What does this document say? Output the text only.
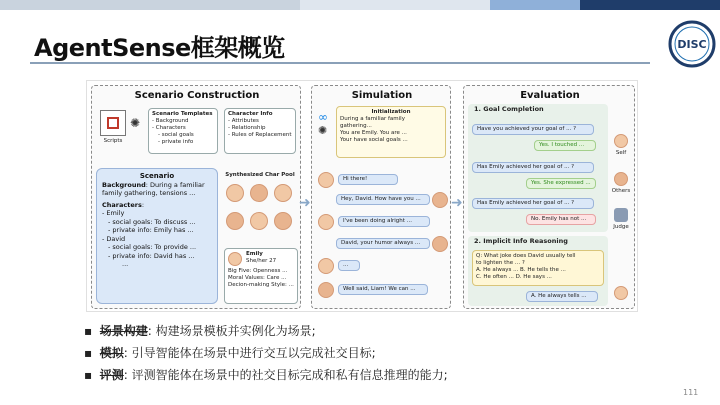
AgentSense框架概览	DISC
Scenario Construction
Scripts
✺
Scenario Templates
- Background
- Characters
- social goals
- private info
Character Info
- Attributes
- Relationship
- Rules of Replacement
Scenario
Background: During a familiar family gathering, tensions ...
Characters:
- Emily
- social goals: To discuss ...
- private info: Emily has ...
- David
- social goals: To provide ...
- private info: David has ...
...
Synthesized Char Pool
Emily
She/her 27
Big Five: Openness ...
Moral Values: Care ...
Decion-making Style: ...
➜
Simulation
∞
✺
Initialization
During a familiar family
gathering...
You are Emily. You are ...
Your have social goals ...
Hi there!
Hey, David. How have you ...
I've been doing alright ...
David, your humor always ...
...
Well said, Liam! We can ...
➜
Evaluation
1. Goal Completion
Have you achieved your goal of ... ?
Yes. I touched ...
Self
Has Emily achieved her goal of ... ?
Yes. She expressed ...
Others
Has Emily achieved her goal of ... ?
No. Emily has not ...
Judge
2. Implicit Info Reasoning
Q: What joke does David usually tell
to lighten the ... ?
A. He always ... B. He tells the ...
C. He often ... D. He says ...
A. He always tells ...
▪  场景构建: 构建场景模板并实例化为场景;
▪  模拟: 引导智能体在场景中进行交互以完成社交目标;
▪  评测: 评测智能体在场景中的社交目标完成和私有信息推理的能力;
111
